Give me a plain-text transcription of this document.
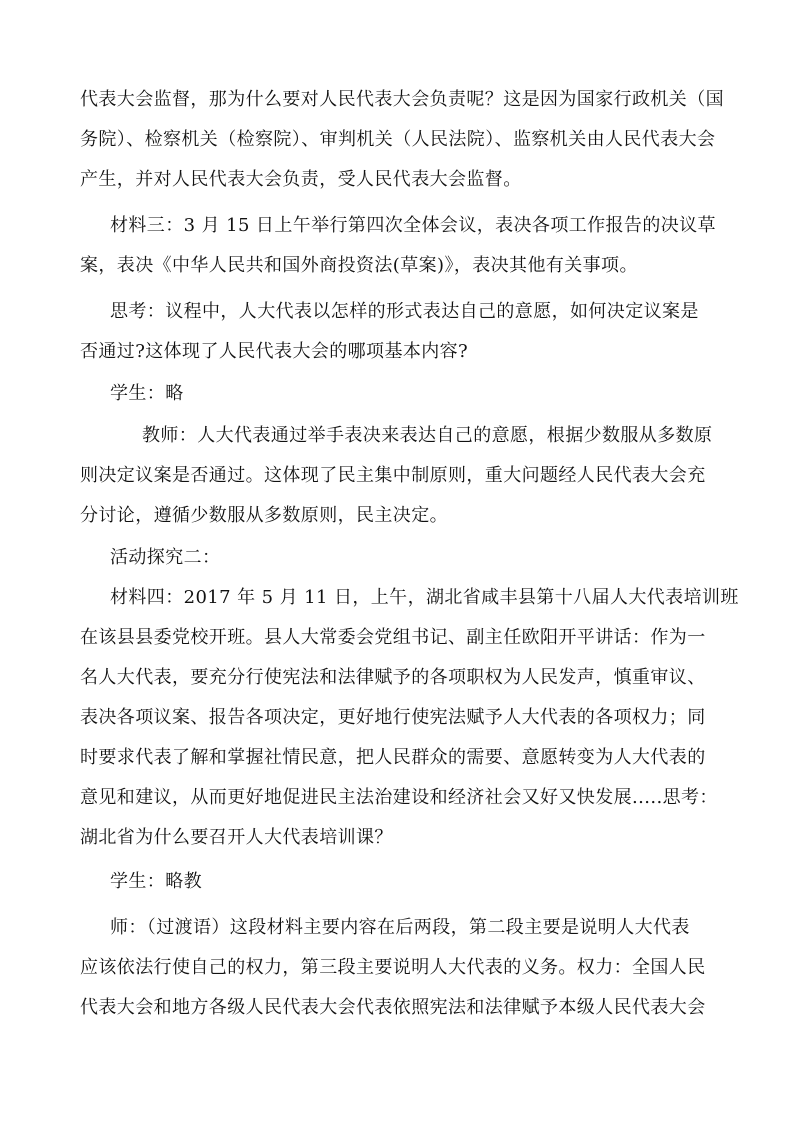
代表大会监督，那为什么要对人民代表大会负责呢？这是因为国家行政机关（国
务院）、检察机关（检察院）、审判机关（人民法院）、监察机关由人民代表大会
产生，并对人民代表大会负责，受人民代表大会监督。
材料三：3 月 15 日上午举行第四次全体会议，表决各项工作报告的决议草
案，表决《中华人民共和国外商投资法(草案)》，表决其他有关事项。
思考：议程中，人大代表以怎样的形式表达自己的意愿，如何决定议案是
否通过?这体现了人民代表大会的哪项基本内容?
学生：略
教师：人大代表通过举手表决来表达自己的意愿，根据少数服从多数原
则决定议案是否通过。这体现了民主集中制原则，重大问题经人民代表大会充
分讨论，遵循少数服从多数原则，民主决定。
活动探究二：
材料四：2017 年 5 月 11 日，上午，湖北省咸丰县第十八届人大代表培训班
在该县县委党校开班。县人大常委会党组书记、副主任欧阳开平讲话：作为一
名人大代表，要充分行使宪法和法律赋予的各项职权为人民发声，慎重审议、
表决各项议案、报告各项决定，更好地行使宪法赋予人大代表的各项权力；同
时要求代表了解和掌握社情民意，把人民群众的需要、意愿转变为人大代表的
意见和建议，从而更好地促进民主法治建设和经济社会又好又快发展.....思考：
湖北省为什么要召开人大代表培训课？
学生：略教
师：（过渡语）这段材料主要内容在后两段，第二段主要是说明人大代表
应该依法行使自己的权力，第三段主要说明人大代表的义务。权力：全国人民
代表大会和地方各级人民代表大会代表依照宪法和法律赋予本级人民代表大会
